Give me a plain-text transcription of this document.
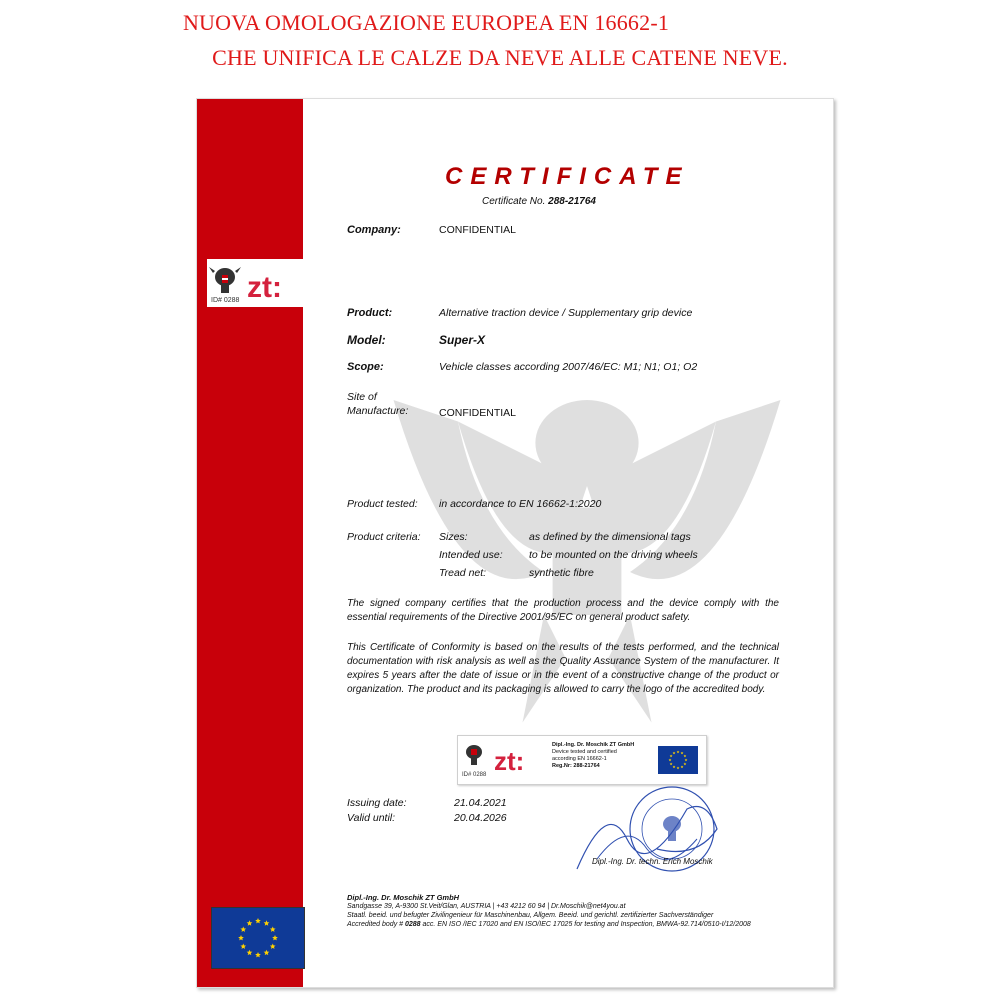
NUOVA OMOLOGAZIONE EUROPEA EN 16662-1
CHE UNIFICA LE CALZE DA NEVE ALLE CATENE NEVE.
ID# 0288 zt:
CERTIFICATE
Certificate No. 288-21764
Company:	CONFIDENTIAL
Product:	Alternative traction device / Supplementary grip device
Model:	Super-X
Scope:	Vehicle classes according 2007/46/EC: M1; N1; O1; O2
Site of
Manufacture:	CONFIDENTIAL
Product tested: in accordance to EN 16662-1:2020
Product criteria: Sizes:	as defined by the dimensional tags
Intended use:	to be mounted on the driving wheels
Tread net:	synthetic fibre
The signed company certifies that the production process and the device comply with the essential requirements of the Directive 2001/95/EC on general product safety.
This Certificate of Conformity is based on the results of the tests performed, and the technical documentation with risk analysis as well as the Quality Assurance System of the manufacturer. It expires 5 years after the date of issue or in the event of a constructive change of the product or organization. The product and its packaging is allowed to carry the logo of the accredited body.
ID# 0288 zt:
Dipl.-Ing. Dr. Moschik ZT GmbH
Device tested and certified
according EN 16662-1
Reg.Nr: 288-21764
Issuing date:	21.04.2021
Valid until:	20.04.2026
Dipl.-Ing. Dr. techn. Erich Moschik
Dipl.-Ing. Dr. Moschik ZT GmbH
Sandgasse 39, A-9300 St.Veit/Glan, AUSTRIA | +43 4212 60 94 | Dr.Moschik@net4you.at
Staatl. beeid. und befugter Zivilingenieur für Maschinenbau, Allgem. Beeid. und gerichtl. zertifizierter Sachverständiger
Accredited body # 0288 acc. EN ISO /IEC 17020 and EN ISO/IEC 17025 for testing and Inspection, BMWA-92.714/0510-I/12/2008
